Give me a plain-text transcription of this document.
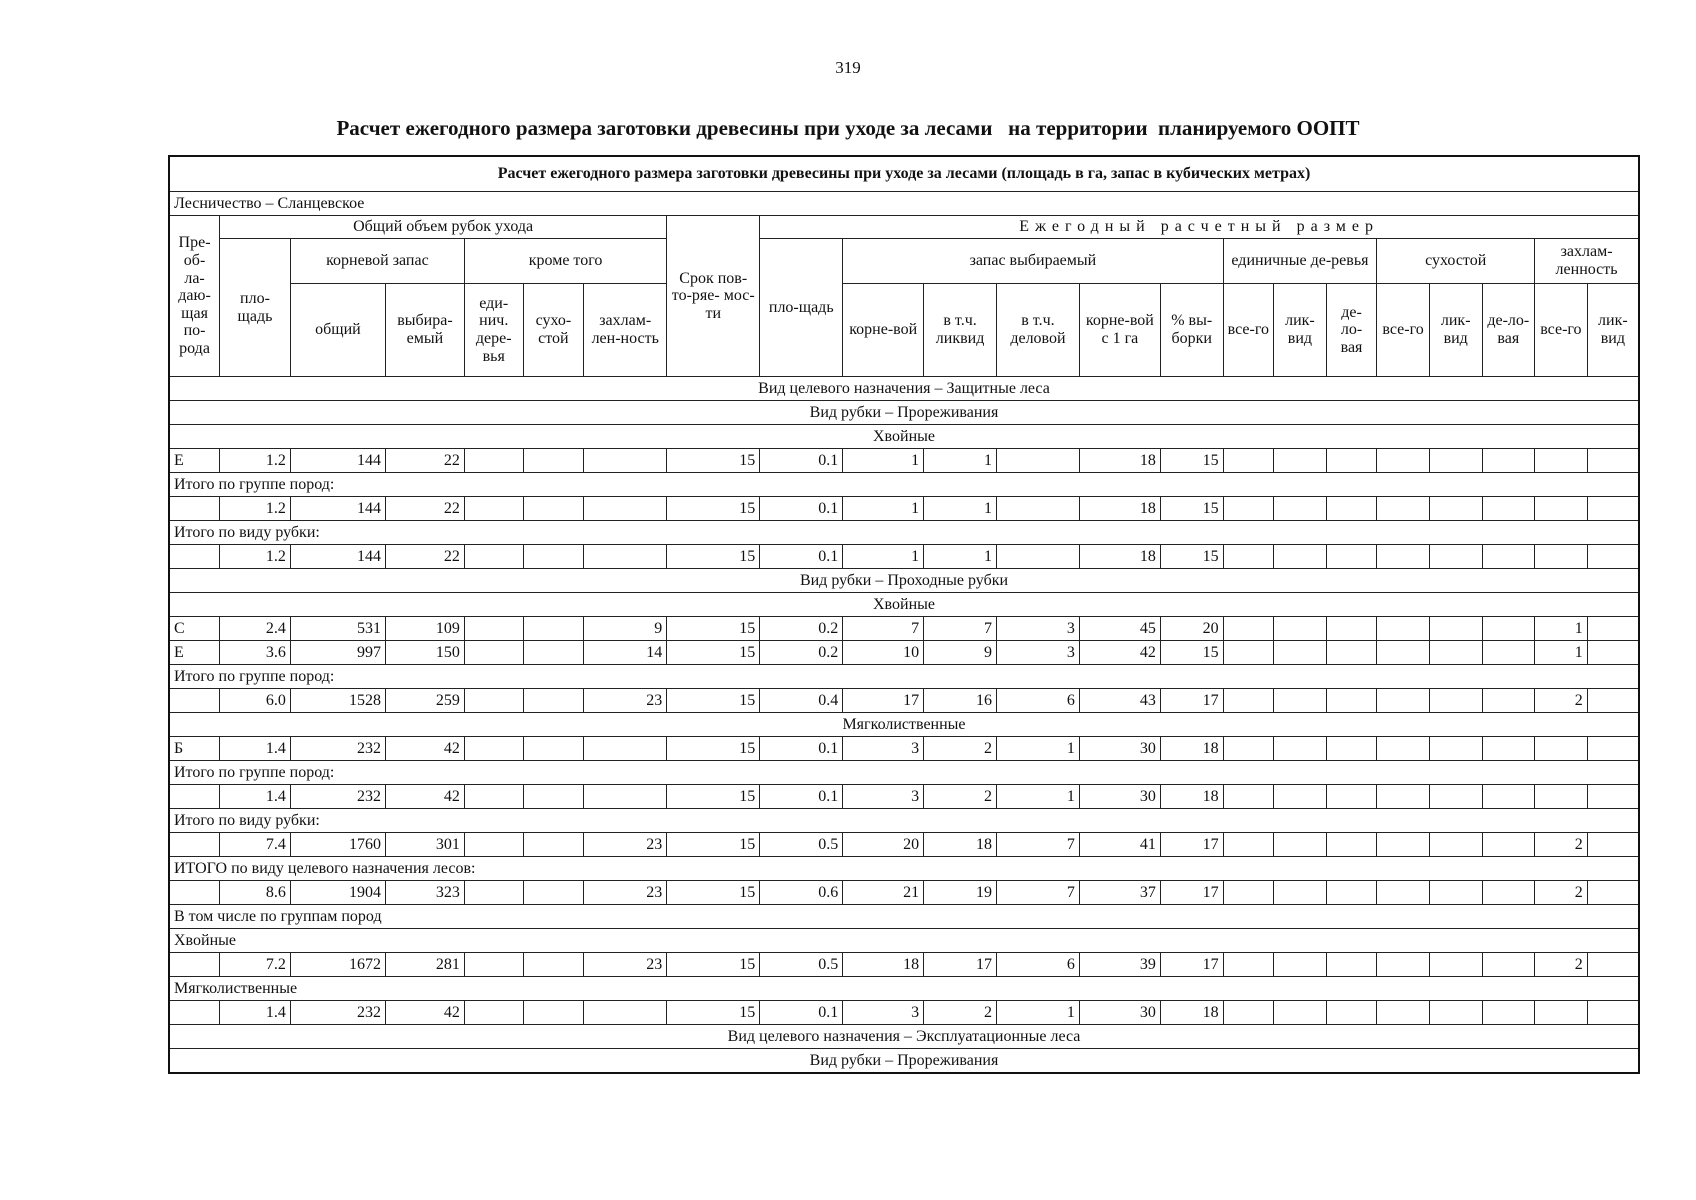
319
Расчет ежегодного размера заготовки древесины при уходе за лесами   на территории  планируемого ООПТ
Расчет ежегодного размера заготовки древесины при уходе за лесами (площадь в га, запас в кубических метрах)																					
Лесничество – Сланцевское																					
Пре-об-ла-даю-щая по-рода	Общий объем рубок ухода						Срок пов- то-ряе- мос-ти	Ежегодный расчетный размер													
	пло-щадь	корневой запас		кроме того				пло-щадь	запас выбираемый					единичные де-ревья			сухостой			захлам-ленность	
		общий	выбира-емый	еди-нич. дере-вья	сухо-стой	захлам-лен-ность			корне-вой	в т.ч. ликвид	в т.ч. деловой	корне-вой с 1 га	% вы-борки	все-го	лик-вид	де-ло-вая	все-го	лик-вид	де-ло-вая	все-го	лик-вид

Вид целевого назначения – Защитные леса																					
Вид рубки – Прореживания																					
Хвойные																					
Е	1.2	144	22				15	0.1	1	1		18	15								
Итого по группе пород:																					
	1.2	144	22				15	0.1	1	1		18	15								
Итого по виду рубки:																					
	1.2	144	22				15	0.1	1	1		18	15								
Вид рубки – Проходные рубки																					
Хвойные																					
С	2.4	531	109			9	15	0.2	7	7	3	45	20							1	
Е	3.6	997	150			14	15	0.2	10	9	3	42	15							1	
Итого по группе пород:																					
	6.0	1528	259			23	15	0.4	17	16	6	43	17							2	
Мягколиственные																					
Б	1.4	232	42				15	0.1	3	2	1	30	18								
Итого по группе пород:																					
	1.4	232	42				15	0.1	3	2	1	30	18								
Итого по виду рубки:																					
	7.4	1760	301			23	15	0.5	20	18	7	41	17							2	
ИТОГО по виду целевого назначения лесов:																					
	8.6	1904	323			23	15	0.6	21	19	7	37	17							2	
В том числе по группам пород																					
Хвойные																					
	7.2	1672	281			23	15	0.5	18	17	6	39	17							2	
Мягколиственные																					
	1.4	232	42				15	0.1	3	2	1	30	18								
Вид целевого назначения – Эксплуатационные леса																					
Вид рубки – Прореживания																					
